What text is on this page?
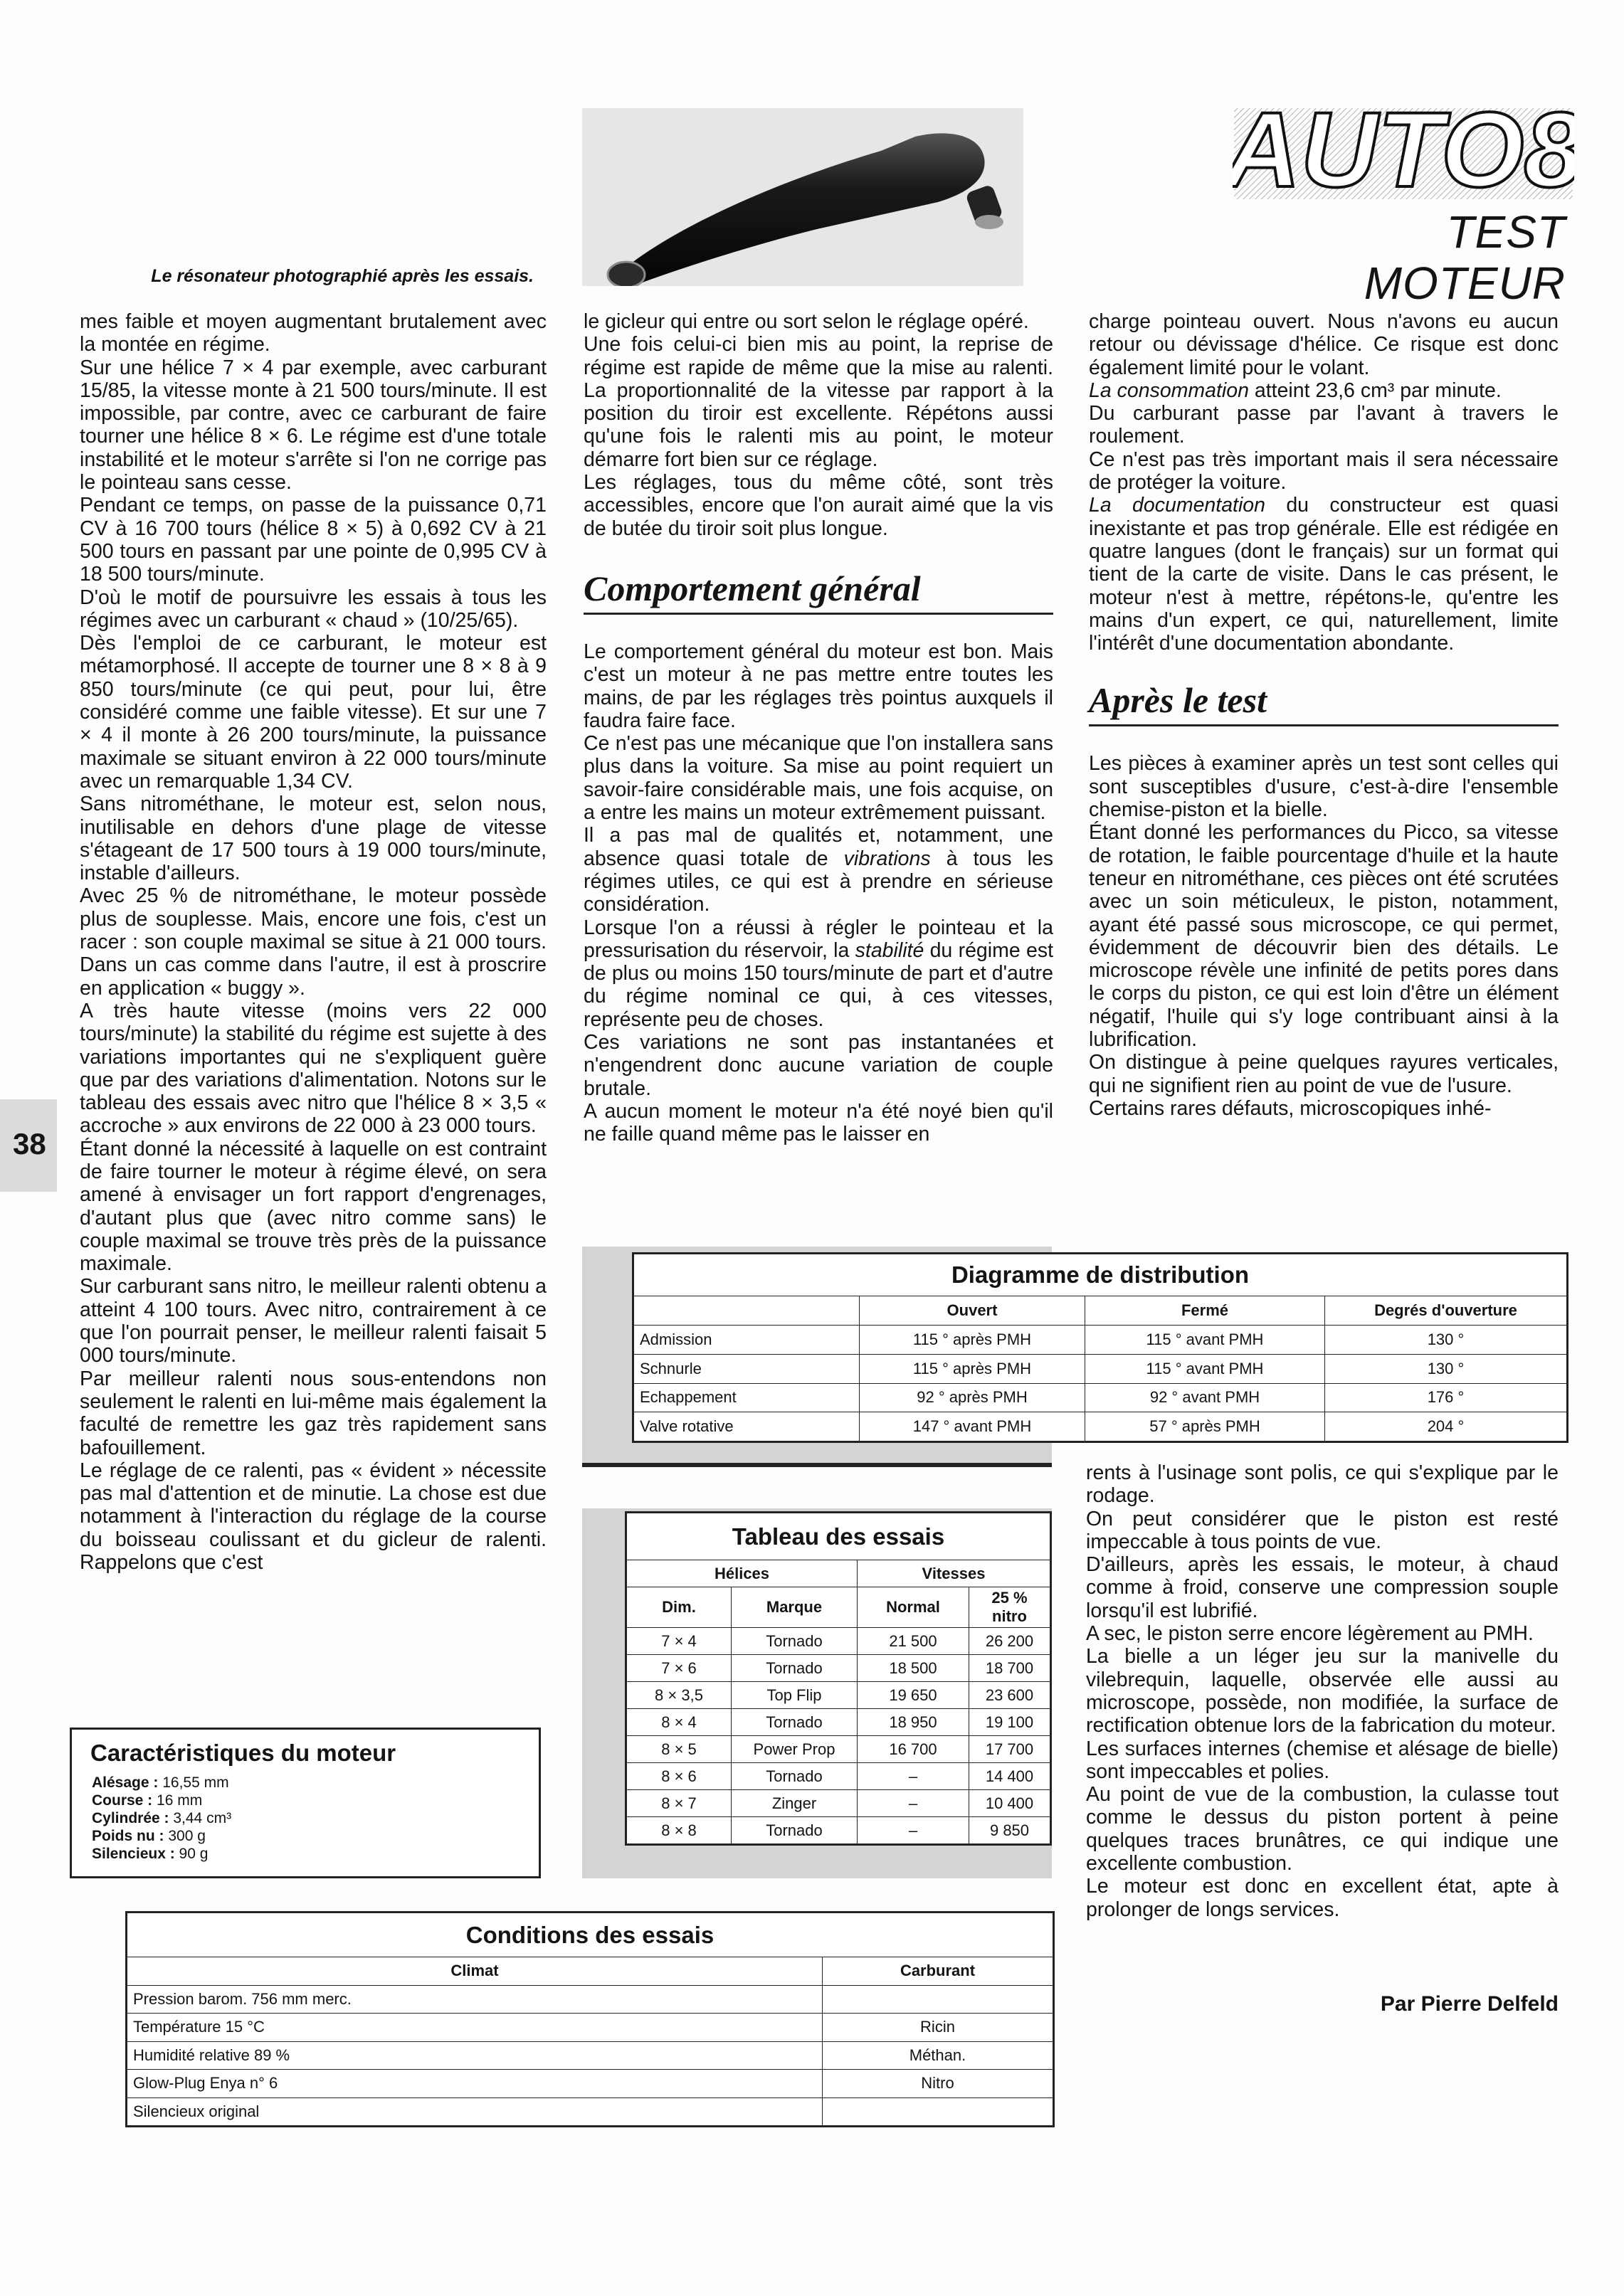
AUTO8
TEST MOTEUR
Le résonateur photographié après les essais.
38

mes faible et moyen augmentant brutalement avec la montée en régime.

Sur une hélice 7 × 4 par exemple, avec carburant 15/85, la vitesse monte à 21 500 tours/minute. Il est impossible, par contre, avec ce carburant de faire tourner une hélice 8 × 6. Le régime est d'une totale instabilité et le moteur s'arrête si l'on ne corrige pas le pointeau sans cesse.

Pendant ce temps, on passe de la puissance 0,71 CV à 16 700 tours (hélice 8 × 5) à 0,692 CV à 21 500 tours en passant par une pointe de 0,995 CV à 18 500 tours/minute.

D'où le motif de poursuivre les essais à tous les régimes avec un carburant « chaud » (10/25/65).

Dès l'emploi de ce carburant, le moteur est métamorphosé. Il accepte de tourner une 8 × 8 à 9 850 tours/minute (ce qui peut, pour lui, être considéré comme une faible vitesse). Et sur une 7 × 4 il monte à 26 200 tours/minute, la puissance maximale se situant environ à 22 000 tours/minute avec un remarquable 1,34 CV.

Sans nitrométhane, le moteur est, selon nous, inutilisable en dehors d'une plage de vitesse s'étageant de 17 500 tours à 19 000 tours/minute, instable d'ailleurs.

Avec 25 % de nitrométhane, le moteur possède plus de souplesse. Mais, encore une fois, c'est un racer : son couple maximal se situe à 21 000 tours. Dans un cas comme dans l'autre, il est à proscrire en application « buggy ».

A très haute vitesse (moins vers 22 000 tours/minute) la stabilité du régime est sujette à des variations importantes qui ne s'expliquent guère que par des variations d'alimentation. Notons sur le tableau des essais avec nitro que l'hélice 8 × 3,5 « accroche » aux environs de 22 000 à 23 000 tours.

Étant donné la nécessité à laquelle on est contraint de faire tourner le moteur à régime élevé, on sera amené à envisager un fort rapport d'engrenages, d'autant plus que (avec nitro comme sans) le couple maximal se trouve très près de la puissance maximale.

Sur carburant sans nitro, le meilleur ralenti obtenu a atteint 4 100 tours. Avec nitro, contrairement à ce que l'on pourrait penser, le meilleur ralenti faisait 5 000 tours/minute.

Par meilleur ralenti nous sous-entendons non seulement le ralenti en lui-même mais également la faculté de remettre les gaz très rapidement sans bafouillement.

Le réglage de ce ralenti, pas « évident » nécessite pas mal d'attention et de minutie. La chose est due notamment à l'interaction du réglage de la course du boisseau coulissant et du gicleur de ralenti. Rappelons que c'est

le gicleur qui entre ou sort selon le réglage opéré.

Une fois celui-ci bien mis au point, la reprise de régime est rapide de même que la mise au ralenti. La proportionnalité de la vitesse par rapport à la position du tiroir est excellente. Répétons aussi qu'une fois le ralenti mis au point, le moteur démarre fort bien sur ce réglage.

Les réglages, tous du même côté, sont très accessibles, encore que l'on aurait aimé que la vis de butée du tiroir soit plus longue.

Comportement général

Le comportement général du moteur est bon. Mais c'est un moteur à ne pas mettre entre toutes les mains, de par les réglages très pointus auxquels il faudra faire face.

Ce n'est pas une mécanique que l'on installera sans plus dans la voiture. Sa mise au point requiert un savoir-faire considérable mais, une fois acquise, on a entre les mains un moteur extrêmement puissant.

Il a pas mal de qualités et, notamment, une absence quasi totale de vibrations à tous les régimes utiles, ce qui est à prendre en sérieuse considération.

Lorsque l'on a réussi à régler le pointeau et la pressurisation du réservoir, la stabilité du régime est de plus ou moins 150 tours/minute de part et d'autre du régime nominal ce qui, à ces vitesses, représente peu de choses.

Ces variations ne sont pas instantanées et n'engendrent donc aucune variation de couple brutale.

A aucun moment le moteur n'a été noyé bien qu'il ne faille quand même pas le laisser en

charge pointeau ouvert. Nous n'avons eu aucun retour ou dévissage d'hélice. Ce risque est donc également limité pour le volant.

La consommation atteint 23,6 cm³ par minute.

Du carburant passe par l'avant à travers le roulement.

Ce n'est pas très important mais il sera nécessaire de protéger la voiture.

La documentation du constructeur est quasi inexistante et pas trop générale. Elle est rédigée en quatre langues (dont le français) sur un format qui tient de la carte de visite. Dans le cas présent, le moteur n'est à mettre, répétons-le, qu'entre les mains d'un expert, ce qui, naturellement, limite l'intérêt d'une documentation abondante.

Après le test

Les pièces à examiner après un test sont celles qui sont susceptibles d'usure, c'est-à-dire l'ensemble chemise-piston et la bielle.

Étant donné les performances du Picco, sa vitesse de rotation, le faible pourcentage d'huile et la haute teneur en nitrométhane, ces pièces ont été scrutées avec un soin méticuleux, le piston, notamment, ayant été passé sous microscope, ce qui permet, évidemment de découvrir bien des détails. Le microscope révèle une infinité de petits pores dans le corps du piston, ce qui est loin d'être un élément négatif, l'huile qui s'y loge contribuant ainsi à la lubrification.

On distingue à peine quelques rayures verticales, qui ne signifient rien au point de vue de l'usure.

Certains rares défauts, microscopiques inhé-

Diagramme de distribution			
	Ouvert	Fermé	Degrés d'ouverture
Admission	115 ° après PMH	115 ° avant PMH	130 °
Schnurle	115 ° après PMH	115 ° avant PMH	130 °
Echappement	92 ° après PMH	92 ° avant PMH	176 °
Valve rotative	147 ° avant PMH	57 ° après PMH	204 °

rents à l'usinage sont polis, ce qui s'explique par le rodage.

On peut considérer que le piston est resté impeccable à tous points de vue.

D'ailleurs, après les essais, le moteur, à chaud comme à froid, conserve une compression souple lorsqu'il est lubrifié.

A sec, le piston serre encore légèrement au PMH.

La bielle a un léger jeu sur la manivelle du vilebrequin, laquelle, observée elle aussi au microscope, possède, non modifiée, la surface de rectification obtenue lors de la fabrication du moteur.

Les surfaces internes (chemise et alésage de bielle) sont impeccables et polies.

Au point de vue de la combustion, la culasse tout comme le dessus du piston portent à peine quelques traces brunâtres, ce qui indique une excellente combustion.

Le moteur est donc en excellent état, apte à prolonger de longs services.

Par Pierre Delfeld
Tableau des essais			
Hélices		Vitesses	
Dim.	Marque	Normal	25 % nitro
7 × 4	Tornado	21 500	26 200
7 × 6	Tornado	18 500	18 700
8 × 3,5	Top Flip	19 650	23 600
8 × 4	Tornado	18 950	19 100
8 × 5	Power Prop	16 700	17 700
8 × 6	Tornado	–	14 400
8 × 7	Zinger	–	10 400
8 × 8	Tornado	–	9 850
Caractéristiques du moteur
Alésage : 16,55 mm
Course : 16 mm
Cylindrée : 3,44 cm³
Poids nu : 300 g
Silencieux : 90 g
Conditions des essais	
Climat	Carburant
Pression barom. 756 mm merc.	
Température 15 °C	Ricin
Humidité relative 89 %	Méthan.
Glow-Plug Enya n° 6	Nitro
Silencieux original	
